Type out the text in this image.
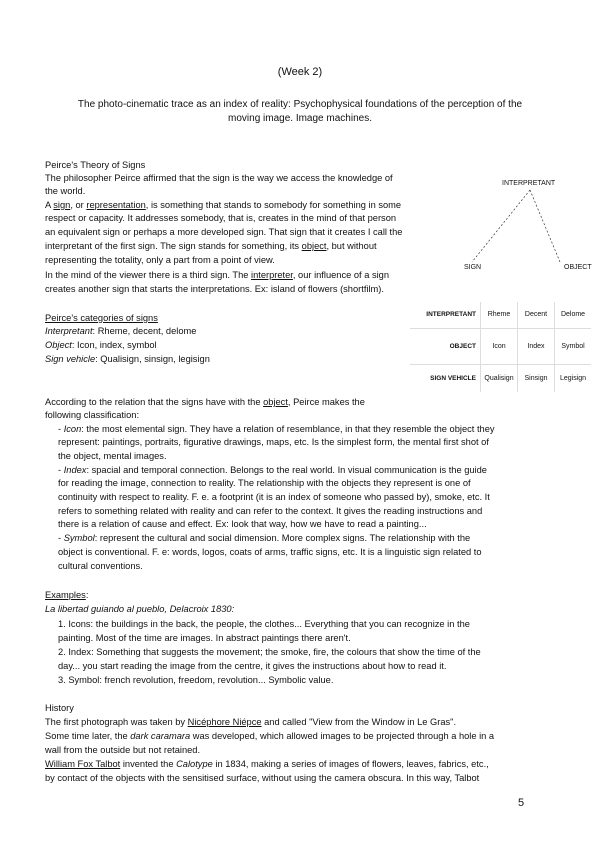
(Week 2)
The photo-cinematic trace as an index of reality: Psychophysical foundations of the perception of the
moving image. Image machines.
Peirce's Theory of Signs
The philosopher Peirce affirmed that the sign is the way we access the knowledge of
the world.
A sign, or representation, is something that stands to somebody for something in some
respect or capacity. It addresses somebody, that is, creates in the mind of that person
an equivalent sign or perhaps a more developed sign. That sign that it creates I call the
interpretant of the first sign. The sign stands for something, its object, but without
representing the totality, only a part from a point of view.
In the mind of the viewer there is a third sign. The interpreter, our influence of a sign
creates another sign that starts the interpretations. Ex: island of flowers (shortfilm).
INTERPRETANT
SIGN	OBJECT
Peirce's categories of signs
Interpretant: Rheme, decent, delome
Object: Icon, index, symbol
Sign vehicle: Qualisign, sinsign, legisign
INTERPRETANT	Rheme	Decent	Delome
OBJECT	Icon	Index	Symbol
SIGN VEHICLE	Qualisign	Sinsign	Legisign
According to the relation that the signs have with the object, Peirce makes the
following classification:
- Icon: the most elemental sign. They have a relation of resemblance, in that they resemble the object they
represent: paintings, portraits, figurative drawings, maps, etc. Is the simplest form, the mental first shot of
the object, mental images.
- Index: spacial and temporal connection. Belongs to the real world. In visual communication is the guide
for reading the image, connection to reality. The relationship with the objects they represent is one of
continuity with respect to reality. F. e. a footprint (it is an index of someone who passed by), smoke, etc. It
refers to something related with reality and can refer to the context. It gives the reading instructions and
there is a relation of cause and effect. Ex: look that way, how we have to read a painting...
- Symbol: represent the cultural and social dimension. More complex signs. The relationship with the
object is conventional. F. e: words, logos, coats of arms, traffic signs, etc. It is a linguistic sign related to
cultural conventions.
Examples:
La libertad guiando al pueblo, Delacroix 1830:
1. Icons: the buildings in the back, the people, the clothes... Everything that you can recognize in the
painting. Most of the time are images. In abstract paintings there aren't.
2. Index: Something that suggests the movement; the smoke, fire, the colours that show the time of the
day... you start reading the image from the centre, it gives the instructions about how to read it.
3. Symbol: french revolution, freedom, revolution... Symbolic value.
History
The first photograph was taken by Nicéphore Niépce and called "View from the Window in Le Gras".
Some time later, the dark caramara was developed, which allowed images to be projected through a hole in a
wall from the outside but not retained.
William Fox Talbot invented the Calotype in 1834, making a series of images of flowers, leaves, fabrics, etc.,
by contact of the objects with the sensitised surface, without using the camera obscura. In this way, Talbot
5
